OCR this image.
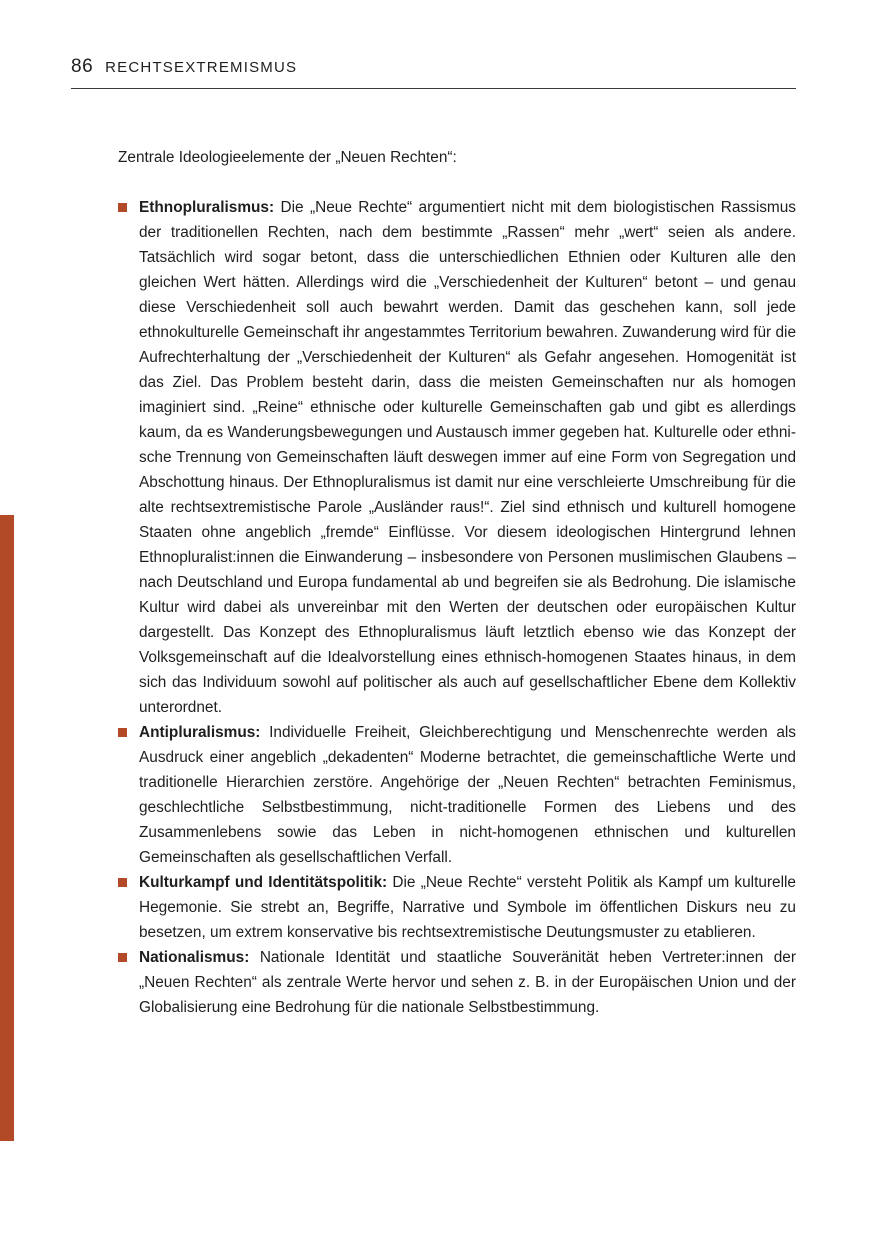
86 RECHTSEXTREMISMUS

Zentrale Ideologieelemente der „Neuen Rechten“:

Ethnopluralismus: Die „Neue Rechte“ argumentiert nicht mit dem biologistischen Rassismus der traditionellen Rechten, nach dem bestimmte „Rassen“ mehr „wert“ seien als andere. Tatsächlich wird sogar betont, dass die unterschiedlichen Ethnien oder Kulturen alle den gleichen Wert hätten. Allerdings wird die „Verschiedenheit der Kulturen“ betont – und genau diese Verschiedenheit soll auch bewahrt werden. Damit das geschehen kann, soll jede ethnokulturelle Gemeinschaft ihr angestammtes Territorium bewahren. Zuwanderung wird für die Aufrechterhaltung der „Verschiedenheit der Kulturen“ als Gefahr angesehen. Homogenität ist das Ziel. Das Problem besteht darin, dass die meisten Gemeinschaften nur als homogen imaginiert sind. „Reine“ ethnische oder kulturelle Gemeinschaften gab und gibt es allerdings kaum, da es Wanderungsbewegungen und Austausch immer gegeben hat. Kulturelle oder ethnische Trennung von Gemeinschaften läuft deswegen immer auf eine Form von Segregation und Abschottung hinaus. Der Ethnopluralismus ist damit nur eine verschleierte Umschreibung für die alte rechtsextremistische Parole „Ausländer raus!“. Ziel sind ethnisch und kulturell homogene Staaten ohne angeblich „fremde“ Einflüsse. Vor diesem ideologischen Hintergrund lehnen Ethnopluralist:innen die Einwanderung – insbesondere von Personen muslimischen Glaubens – nach Deutschland und Europa fundamental ab und begreifen sie als Bedrohung. Die islamische Kultur wird dabei als unvereinbar mit den Werten der deutschen oder europäischen Kultur dargestellt. Das Konzept des Ethnopluralismus läuft letztlich ebenso wie das Konzept der Volksgemeinschaft auf die Idealvorstellung eines ethnisch-homogenen Staates hinaus, in dem sich das Individuum sowohl auf politischer als auch auf gesellschaftlicher Ebene dem Kollektiv unterordnet.
Antipluralismus: Individuelle Freiheit, Gleichberechtigung und Menschenrechte werden als Ausdruck einer angeblich „dekadenten“ Moderne betrachtet, die gemeinschaftliche Werte und traditionelle Hierarchien zerstöre. Angehörige der „Neuen Rechten“ betrachten Feminismus, geschlechtliche Selbstbestimmung, nicht-traditionelle Formen des Liebens und des Zusammenlebens sowie das Leben in nicht-homogenen ethnischen und kulturellen Gemeinschaften als gesellschaftlichen Verfall.
Kulturkampf und Identitätspolitik: Die „Neue Rechte“ versteht Politik als Kampf um kulturelle Hegemonie. Sie strebt an, Begriffe, Narrative und Symbole im öffentlichen Diskurs neu zu besetzen, um extrem konservative bis rechtsextremistische Deutungsmuster zu etablieren.
Nationalismus: Nationale Identität und staatliche Souveränität heben Vertreter:innen der „Neuen Rechten“ als zentrale Werte hervor und sehen z. B. in der Europäischen Union und der Globalisierung eine Bedrohung für die nationale Selbstbestimmung.
